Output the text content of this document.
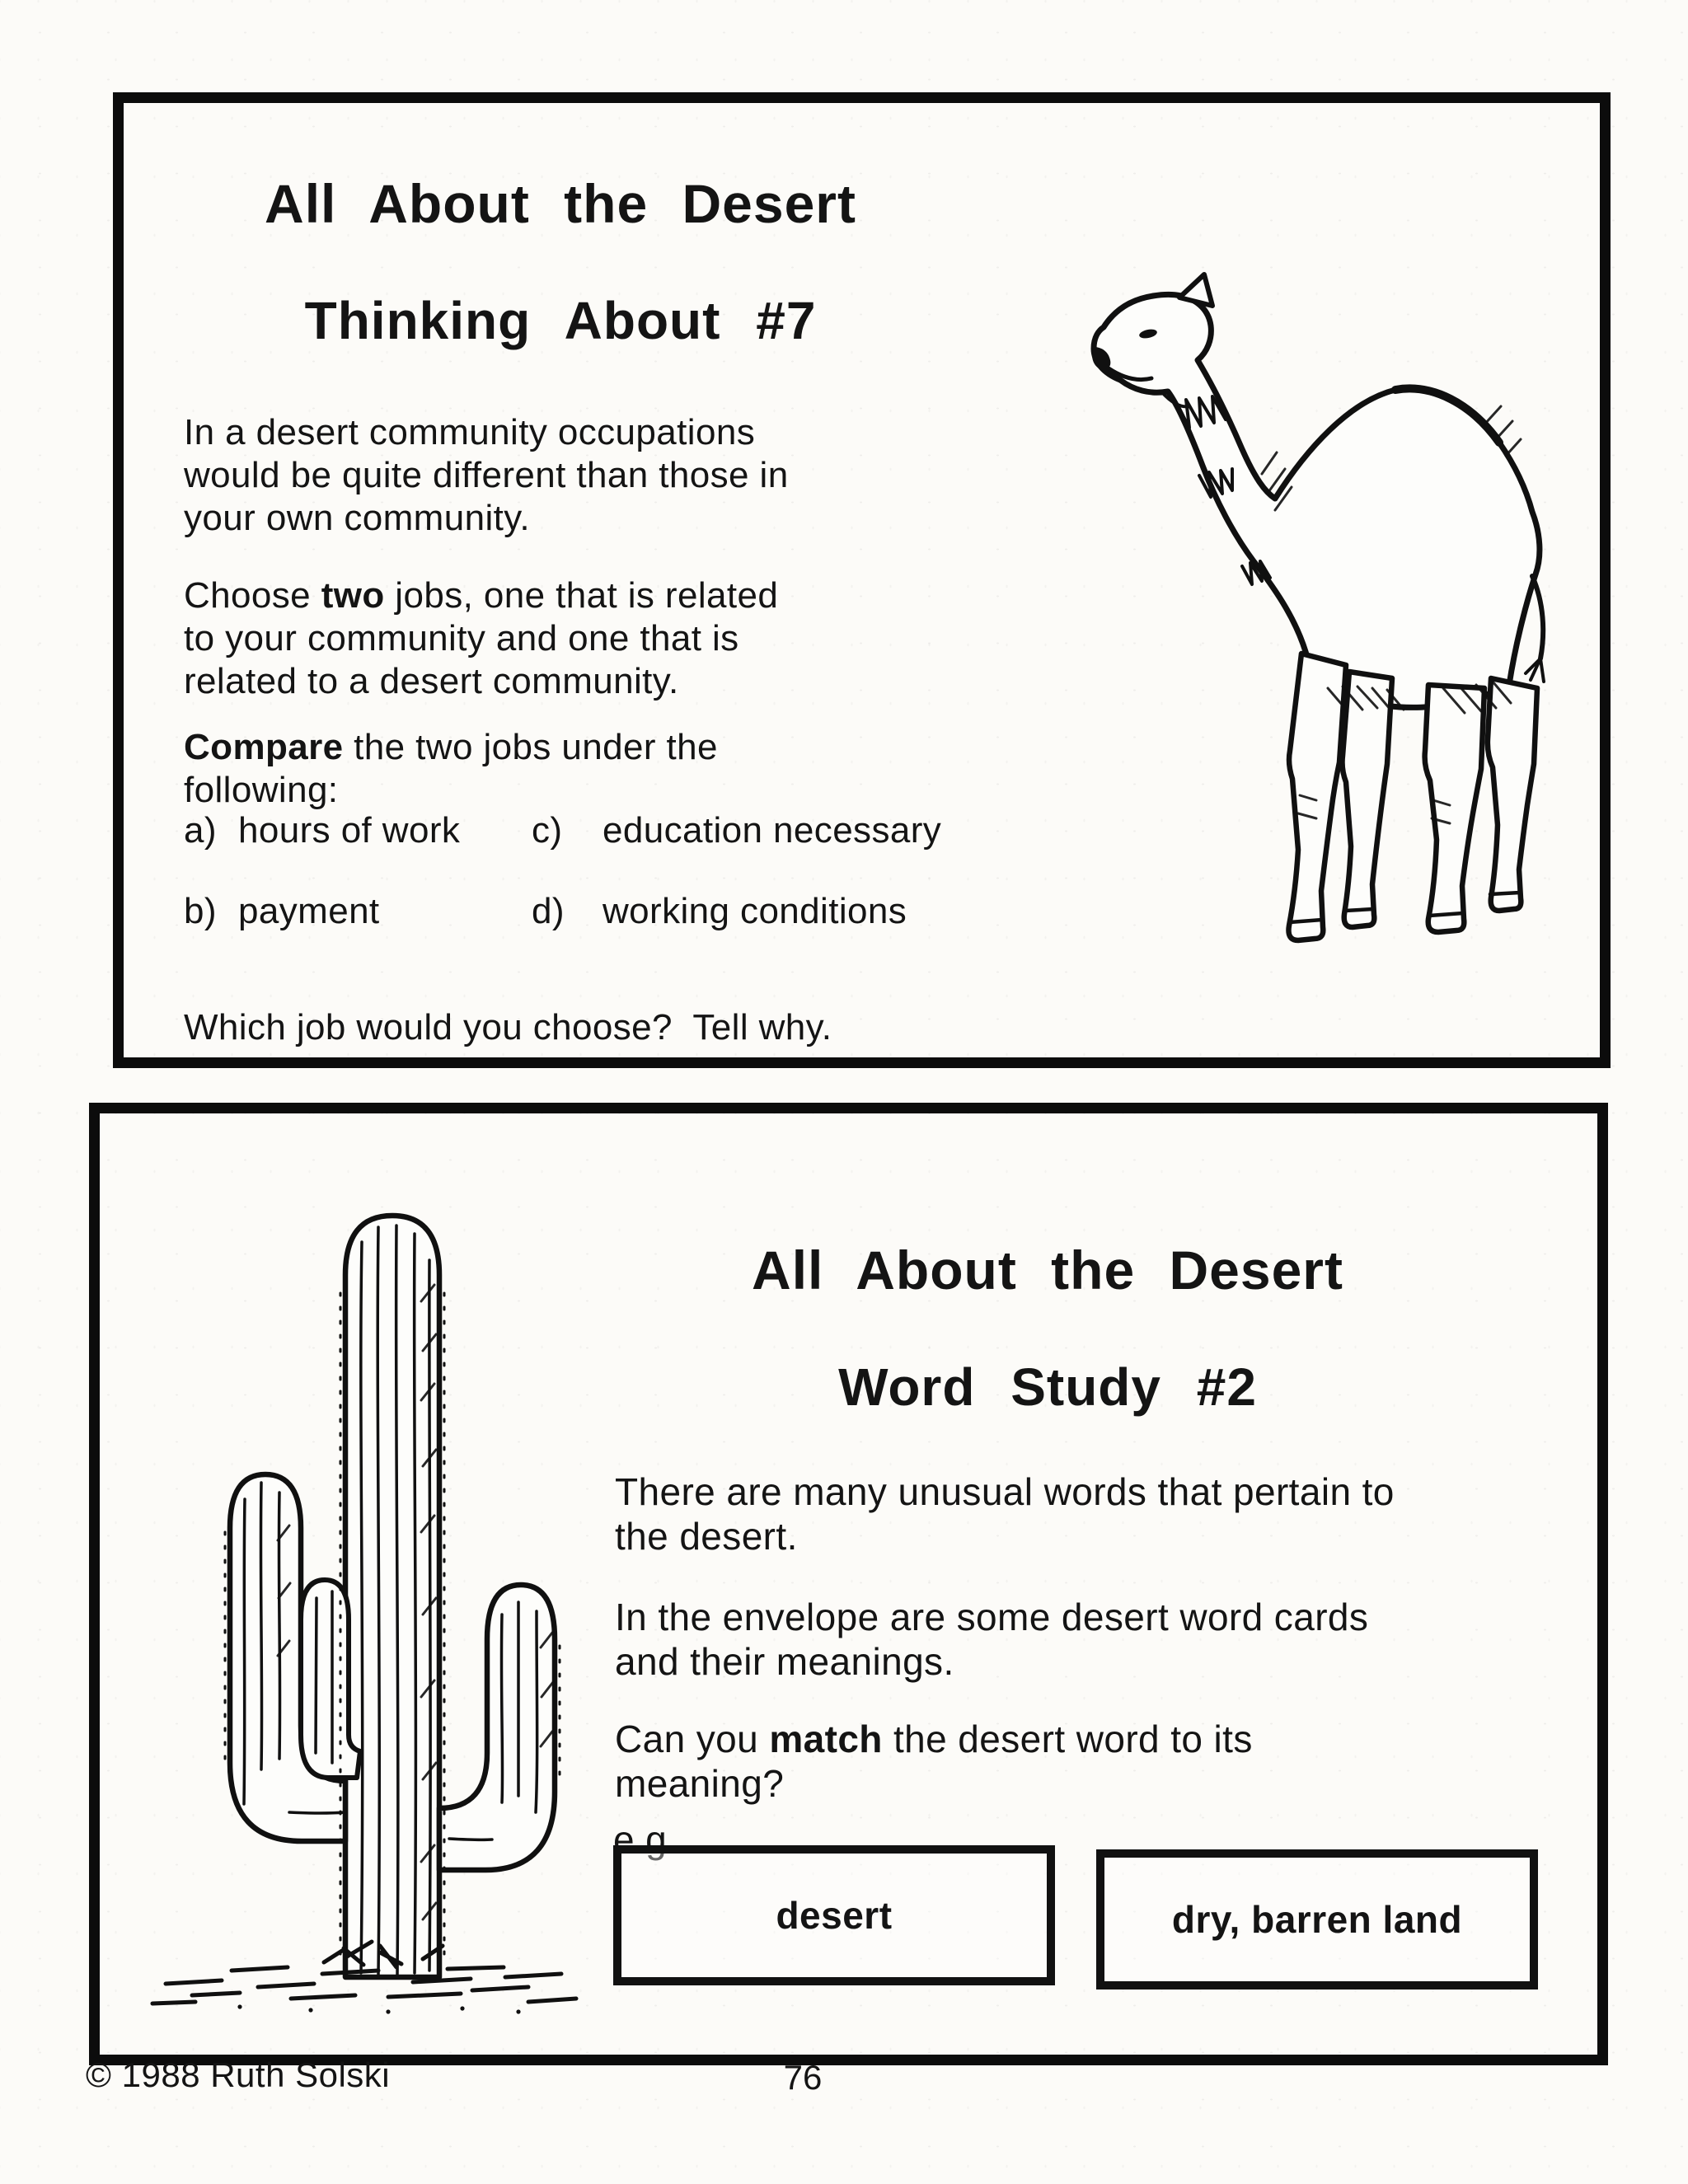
All About the Desert
Thinking About #7

In a desert community occupations
would be quite different than those in
your own community.

Choose two jobs, one that is related
to your community and one that is
related to a desert community.

Compare the two jobs under the
following:

a) hours of work c) education necessary
b) payment	d) working conditions

Which job would you choose?  Tell why.

All About the Desert
Word Study #2

There are many unusual words that pertain to
the desert.

In the envelope are some desert word cards
and their meanings.

Can you match the desert word to its
meaning?

e.g.

desert	dry, barren land
© 1988 Ruth Solski	76
